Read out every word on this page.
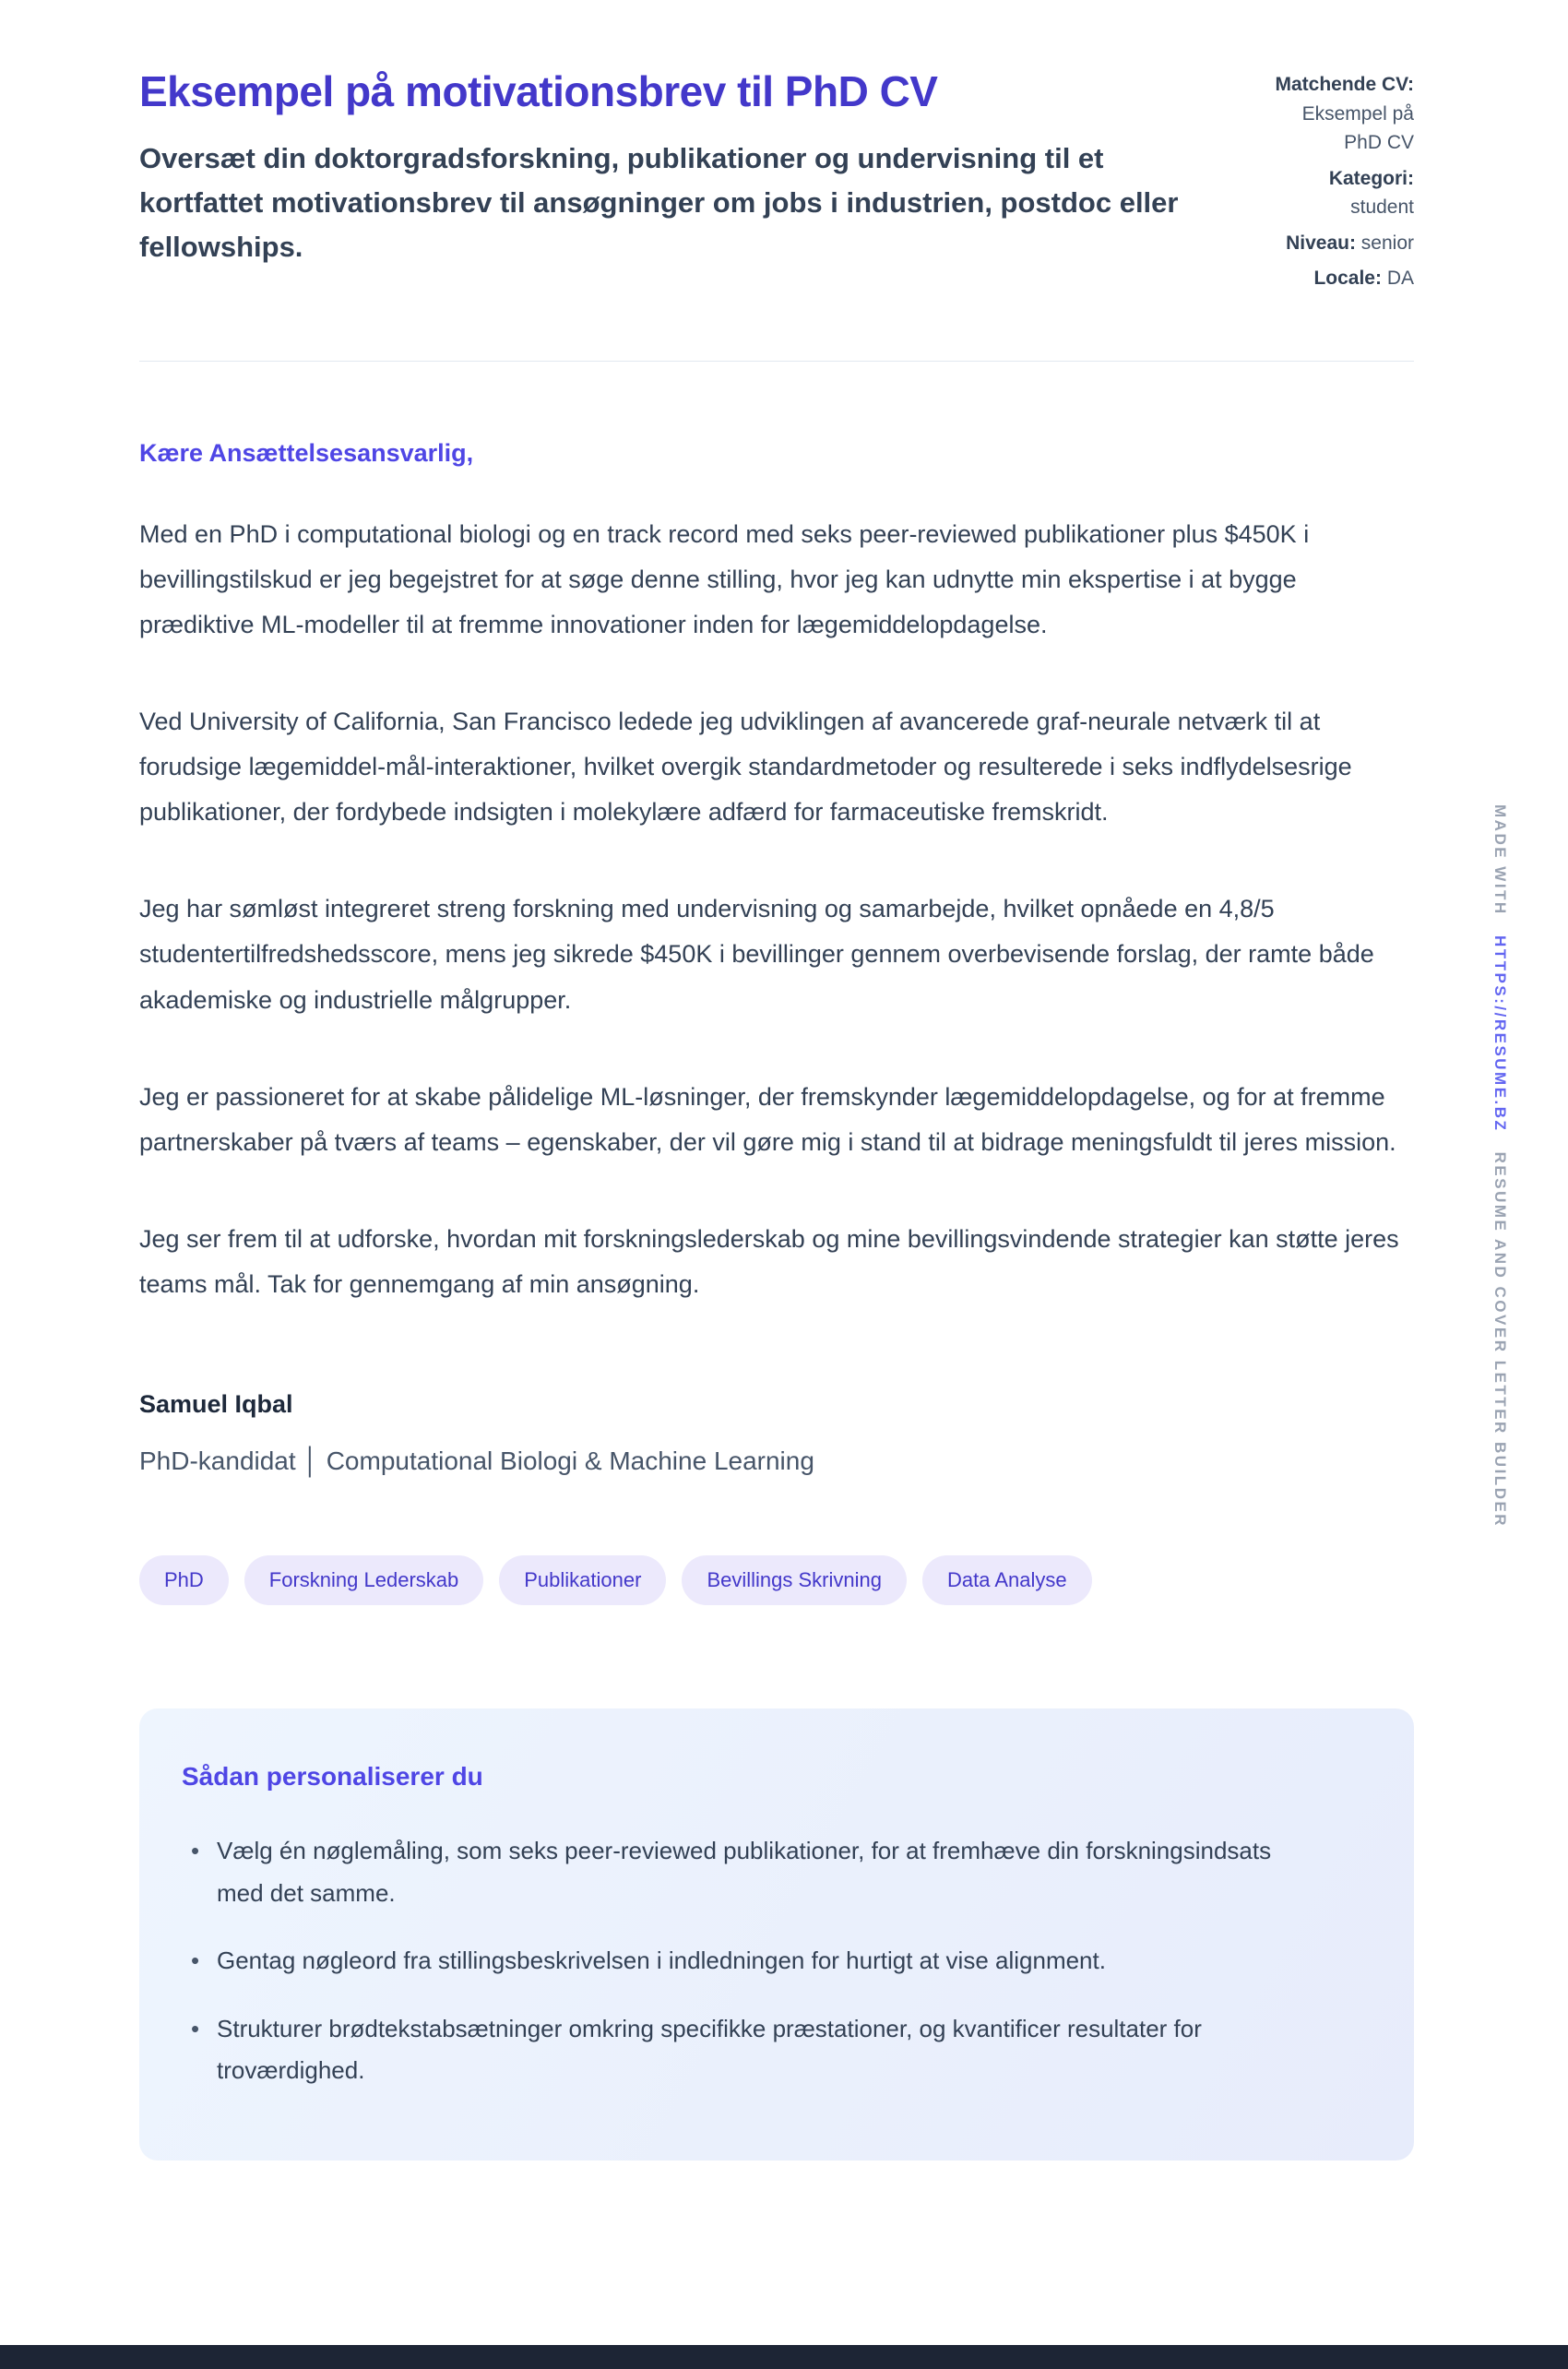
MADE WITH HTTPS://RESUME.BZ RESUME AND COVER LETTER BUILDER
Eksempel på motivationsbrev til PhD CV

Oversæt din doktorgradsforskning, publikationer og undervisning til et kortfattet motivationsbrev til ansøgninger om jobs i industrien, postdoc eller fellowships.

Matchende CV: Eksempel på PhD CV
Kategori: student
Niveau: senior
Locale: DA

Kære Ansættelsesansvarlig,

Med en PhD i computational biologi og en track record med seks peer-reviewed publikationer plus $450K i bevillingstilskud er jeg begejstret for at søge denne stilling, hvor jeg kan udnytte min ekspertise i at bygge prædiktive ML-modeller til at fremme innovationer inden for lægemiddelopdagelse.

Ved University of California, San Francisco ledede jeg udviklingen af avancerede graf-neurale netværk til at forudsige lægemiddel-mål-interaktioner, hvilket overgik standardmetoder og resulterede i seks indflydelsesrige publikationer, der fordybede indsigten i molekylære adfærd for farmaceutiske fremskridt.

Jeg har sømløst integreret streng forskning med undervisning og samarbejde, hvilket opnåede en 4,8/5 studentertilfredshedsscore, mens jeg sikrede $450K i bevillinger gennem overbevisende forslag, der ramte både akademiske og industrielle målgrupper.

Jeg er passioneret for at skabe pålidelige ML-løsninger, der fremskynder lægemiddelopdagelse, og for at fremme partnerskaber på tværs af teams – egenskaber, der vil gøre mig i stand til at bidrage meningsfuldt til jeres mission.

Jeg ser frem til at udforske, hvordan mit forskningslederskab og mine bevillingsvindende strategier kan støtte jeres teams mål. Tak for gennemgang af min ansøgning.

Samuel Iqbal

PhD-kandidat │ Computational Biologi & Machine Learning

PhD	Forskning Lederskab	Publikationer	Bevillings Skrivning	Data Analyse
Sådan personaliserer du
• Vælg én nøglemåling, som seks peer-reviewed publikationer, for at fremhæve din forskningsindsats med det samme.
• Gentag nøgleord fra stillingsbeskrivelsen i indledningen for hurtigt at vise alignment.
• Strukturer brødtekstabsætninger omkring specifikke præstationer, og kvantificer resultater for troværdighed.
